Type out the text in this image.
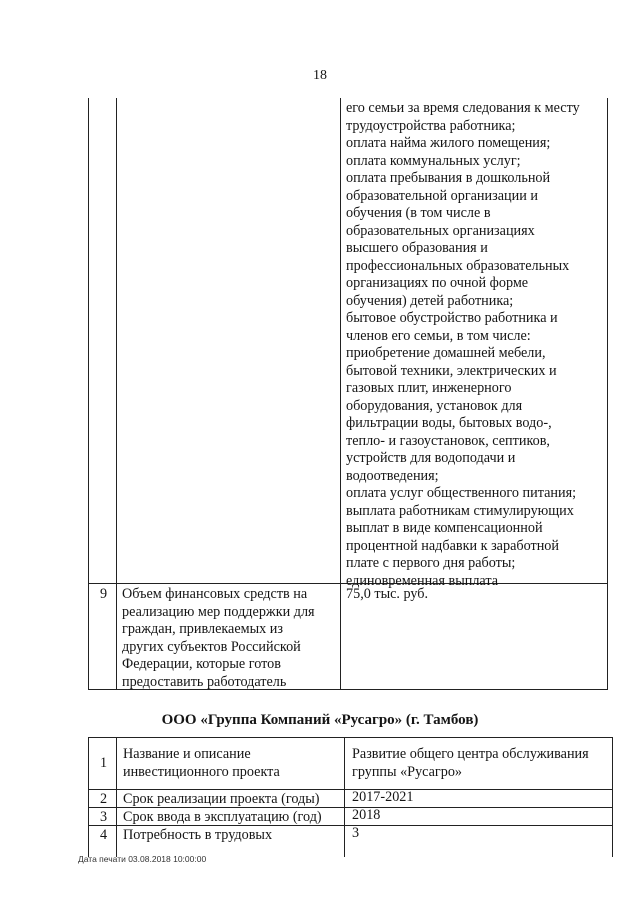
18
его семьи за время следования к месту
трудоустройства работника;
оплата найма жилого помещения;
оплата коммунальных услуг;
оплата пребывания в дошкольной
образовательной организации и
обучения (в том числе в
образовательных организациях
высшего образования и
профессиональных образовательных
организациях по очной форме
обучения) детей работника;
бытовое обустройство работника и
членов его семьи, в том числе:
приобретение домашней мебели,
бытовой техники, электрических и
газовых плит, инженерного
оборудования, установок для
фильтрации воды, бытовых водо-,
тепло- и газоустановок, септиков,
устройств для водоподачи и
водоотведения;
оплата услуг общественного питания;
выплата работникам стимулирующих
выплат в виде компенсационной
процентной надбавки к заработной
плате с первого дня работы;
единовременная выплата
9 Объем финансовых средств на
реализацию мер поддержки для
граждан, привлекаемых из
других субъектов Российской
Федерации, которые готов
предоставить работодатель
75,0 тыс. руб.
ООО «Группа Компаний «Русагро» (г. Тамбов)
1
Название и описание
инвестиционного проекта
Развитие общего центра обслуживания
группы «Русагро»
2 Срок реализации проекта (годы) 2017-2021
3 Срок ввода в эксплуатацию (год) 2018
4 Потребность в трудовых	3
Дата печати 03.08.2018 10:00:00
